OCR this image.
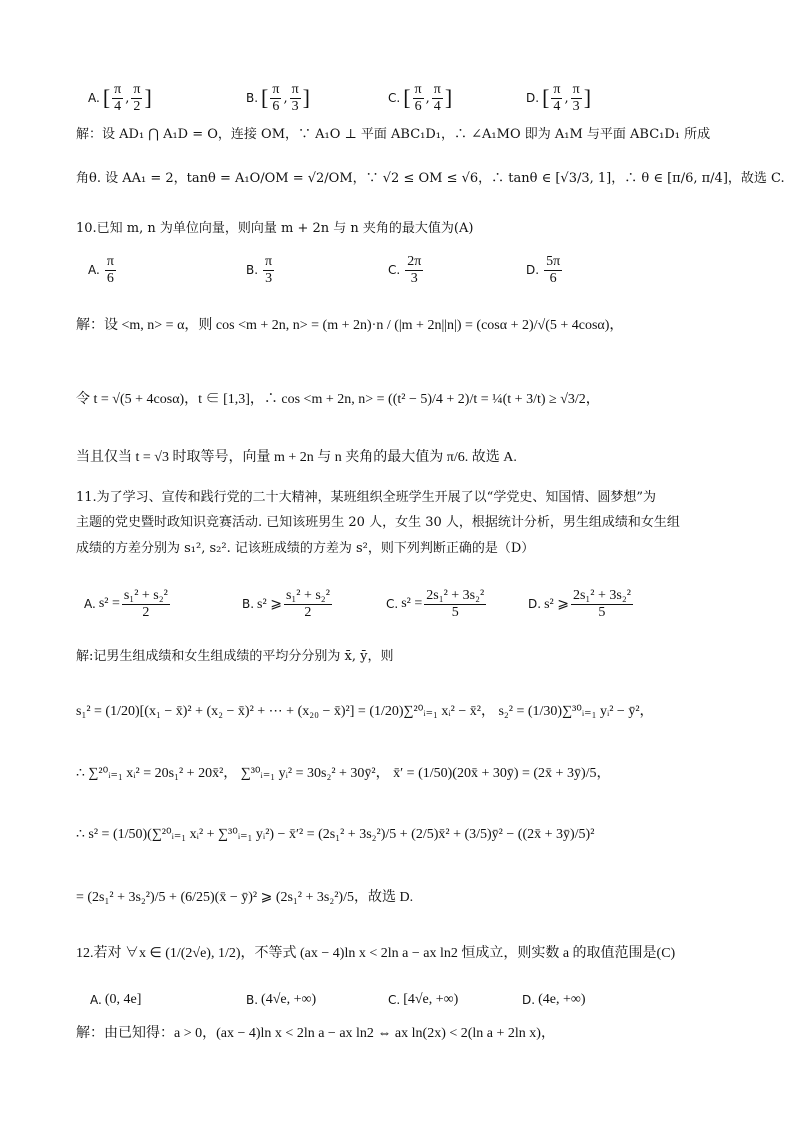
A. [ $\frac{\pi}{4}$ , $\frac{\pi}{2}$ ]	B. [ $\frac{\pi}{6}$ , $\frac{\pi}{3}$ ]	C. [ $\frac{\pi}{6}$ , $\frac{\pi}{4}$ ]	D. [ $\frac{\pi}{4}$ , $\frac{\pi}{3}$ ]
解：设 AD₁ ⋂ A₁D = O，连接 OM，∵ A₁O ⊥ 平面 ABC₁D₁，∴ ∠A₁MO 即为 A₁M 与平面 ABC₁D₁ 所成
角θ. 设 AA₁ = 2，tanθ = A₁O/OM = √2/OM，∵ √2 ≤ OM ≤ √6，∴ tanθ ∈ [√3/3, 1]，∴ θ ∈ [π/6, π/4]，故选 C.
10.已知 m, n 为单位向量，则向量 m + 2n 与 n 夹角的最大值为(A)
A. $\frac{\pi}{6}$	B. $\frac{\pi}{3}$	C. $\frac{2\pi}{3}$	D. $\frac{5\pi}{6}$
解：设 <m, n> = α，则 cos <m + 2n, n> = (m + 2n)·n / (|m + 2n||n|) = (cosα + 2)/√(5 + 4cosα)，
令 t = √(5 + 4cosα)，t ∈ [1,3]，∴ cos <m + 2n, n> = ((t² − 5)/4 + 2)/t = ¼(t + 3/t) ≥ √3/2，
当且仅当 t = √3 时取等号，向量 m + 2n 与 n 夹角的最大值为 π/6. 故选 A.
11.为了学习、宣传和践行党的二十大精神，某班组织全班学生开展了以“学党史、知国情、圆梦想”为
主题的党史暨时政知识竞赛活动. 已知该班男生 20 人，女生 30 人，根据统计分析，男生组成绩和女生组
成绩的方差分别为 s₁², s₂². 记该班成绩的方差为 s²，则下列判断正确的是（D）
A. $s^2 = \frac{\text{s₁² + s₂²}}{2}$	B. s² ⩾ $\frac{\text{s₁² + s₂²}}{2}$	C. $s^2 = \frac{\text{2s₁² + 3s₂²}}{5}$	D. s² ⩾ $\frac{\text{2s₁² + 3s₂²}}{5}$
解:记男生组成绩和女生组成绩的平均分分别为 x̄, ȳ，则
s₁² = (1/20)[(x₁ − x̄)² + (x₂ − x̄)² + ⋯ + (x₂₀ − x̄)²] = (1/20)∑²⁰ᵢ₌₁ xᵢ² − x̄²， s₂² = (1/30)∑³⁰ᵢ₌₁ yᵢ² − ȳ²，
∴ ∑²⁰ᵢ₌₁ xᵢ² = 20s₁² + 20x̄²， ∑³⁰ᵢ₌₁ yᵢ² = 30s₂² + 30ȳ²， x̄′ = (1/50)(20x̄ + 30ȳ) = (2x̄ + 3ȳ)/5，
∴ s² = (1/50)(∑²⁰ᵢ₌₁ xᵢ² + ∑³⁰ᵢ₌₁ yᵢ²) − x̄′² = (2s₁² + 3s₂²)/5 + (2/5)x̄² + (3/5)ȳ² − ((2x̄ + 3ȳ)/5)²
= (2s₁² + 3s₂²)/5 + (6/25)(x̄ − ȳ)² ⩾ (2s₁² + 3s₂²)/5，故选 D.
12.若对 ∀x ∈ (1/(2√e), 1/2)，不等式 (ax − 4)ln x < 2ln a − ax ln2 恒成立，则实数 a 的取值范围是(C)
A. (0, 4e]	B. (4√e, +∞)	C. [4√e, +∞)	D. (4e, +∞)
解：由已知得：a > 0，(ax − 4)ln x < 2ln a − ax ln2 ⇔ ax ln(2x) < 2(ln a + 2ln x)，
